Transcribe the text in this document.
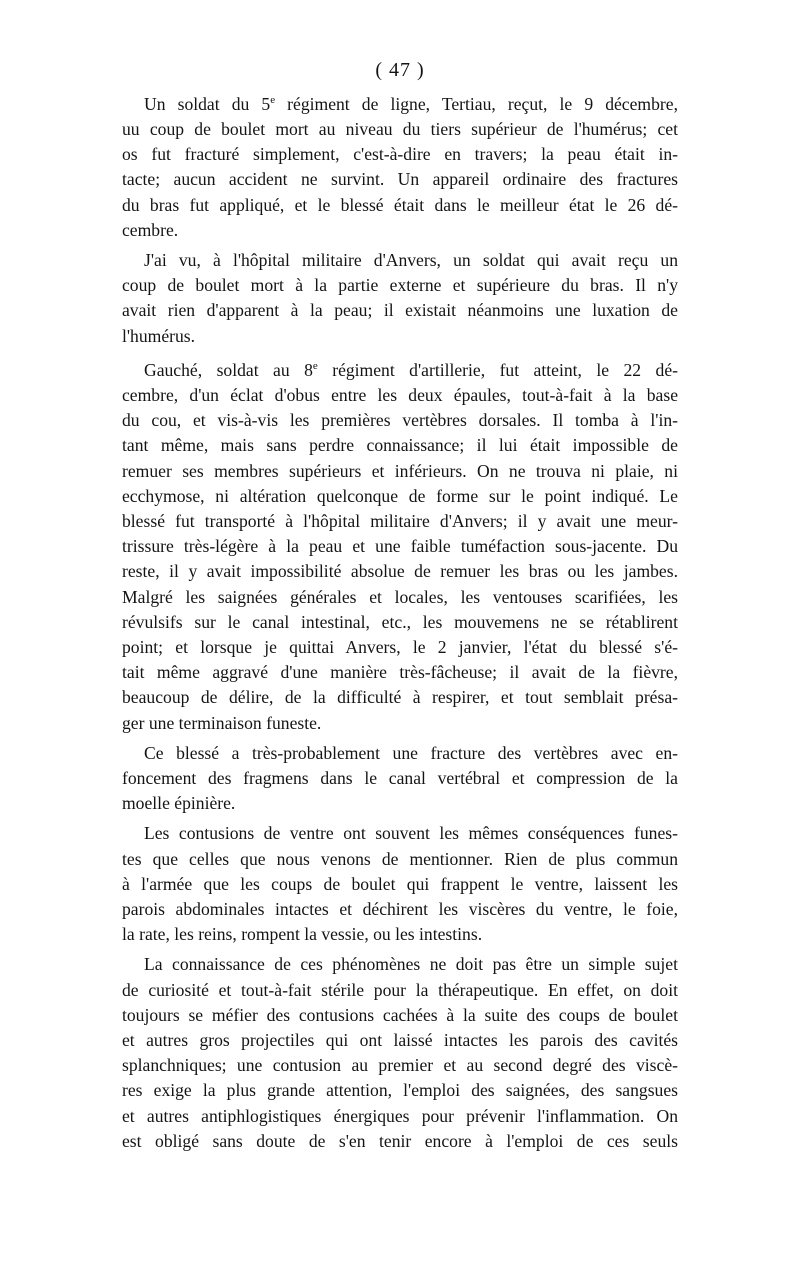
( 47 )
Un soldat du 5e régiment de ligne, Tertiau, reçut, le 9 décembre,
uu coup de boulet mort au niveau du tiers supérieur de l'humérus; cet
os fut fracturé simplement, c'est-à-dire en travers; la peau était in-
tacte; aucun accident ne survint. Un appareil ordinaire des fractures
du bras fut appliqué, et le blessé était dans le meilleur état le 26 dé-
cembre.
J'ai vu, à l'hôpital militaire d'Anvers, un soldat qui avait reçu un
coup de boulet mort à la partie externe et supérieure du bras. Il n'y
avait rien d'apparent à la peau; il existait néanmoins une luxation de
l'humérus.
Gauché, soldat au 8e régiment d'artillerie, fut atteint, le 22 dé-
cembre, d'un éclat d'obus entre les deux épaules, tout-à-fait à la base
du cou, et vis-à-vis les premières vertèbres dorsales. Il tomba à l'in-
tant même, mais sans perdre connaissance; il lui était impossible de
remuer ses membres supérieurs et inférieurs. On ne trouva ni plaie, ni
ecchymose, ni altération quelconque de forme sur le point indiqué. Le
blessé fut transporté à l'hôpital militaire d'Anvers; il y avait une meur-
trissure très-légère à la peau et une faible tuméfaction sous-jacente. Du
reste, il y avait impossibilité absolue de remuer les bras ou les jambes.
Malgré les saignées générales et locales, les ventouses scarifiées, les
révulsifs sur le canal intestinal, etc., les mouvemens ne se rétablirent
point; et lorsque je quittai Anvers, le 2 janvier, l'état du blessé s'é-
tait même aggravé d'une manière très-fâcheuse; il avait de la fièvre,
beaucoup de délire, de la difficulté à respirer, et tout semblait présa-
ger une terminaison funeste.
Ce blessé a très-probablement une fracture des vertèbres avec en-
foncement des fragmens dans le canal vertébral et compression de la
moelle épinière.
Les contusions de ventre ont souvent les mêmes conséquences funes-
tes que celles que nous venons de mentionner. Rien de plus commun
à l'armée que les coups de boulet qui frappent le ventre, laissent les
parois abdominales intactes et déchirent les viscères du ventre, le foie,
la rate, les reins, rompent la vessie, ou les intestins.
La connaissance de ces phénomènes ne doit pas être un simple sujet
de curiosité et tout-à-fait stérile pour la thérapeutique. En effet, on doit
toujours se méfier des contusions cachées à la suite des coups de boulet
et autres gros projectiles qui ont laissé intactes les parois des cavités
splanchniques; une contusion au premier et au second degré des viscè-
res exige la plus grande attention, l'emploi des saignées, des sangsues
et autres antiphlogistiques énergiques pour prévenir l'inflammation. On
est obligé sans doute de s'en tenir encore à l'emploi de ces seuls
